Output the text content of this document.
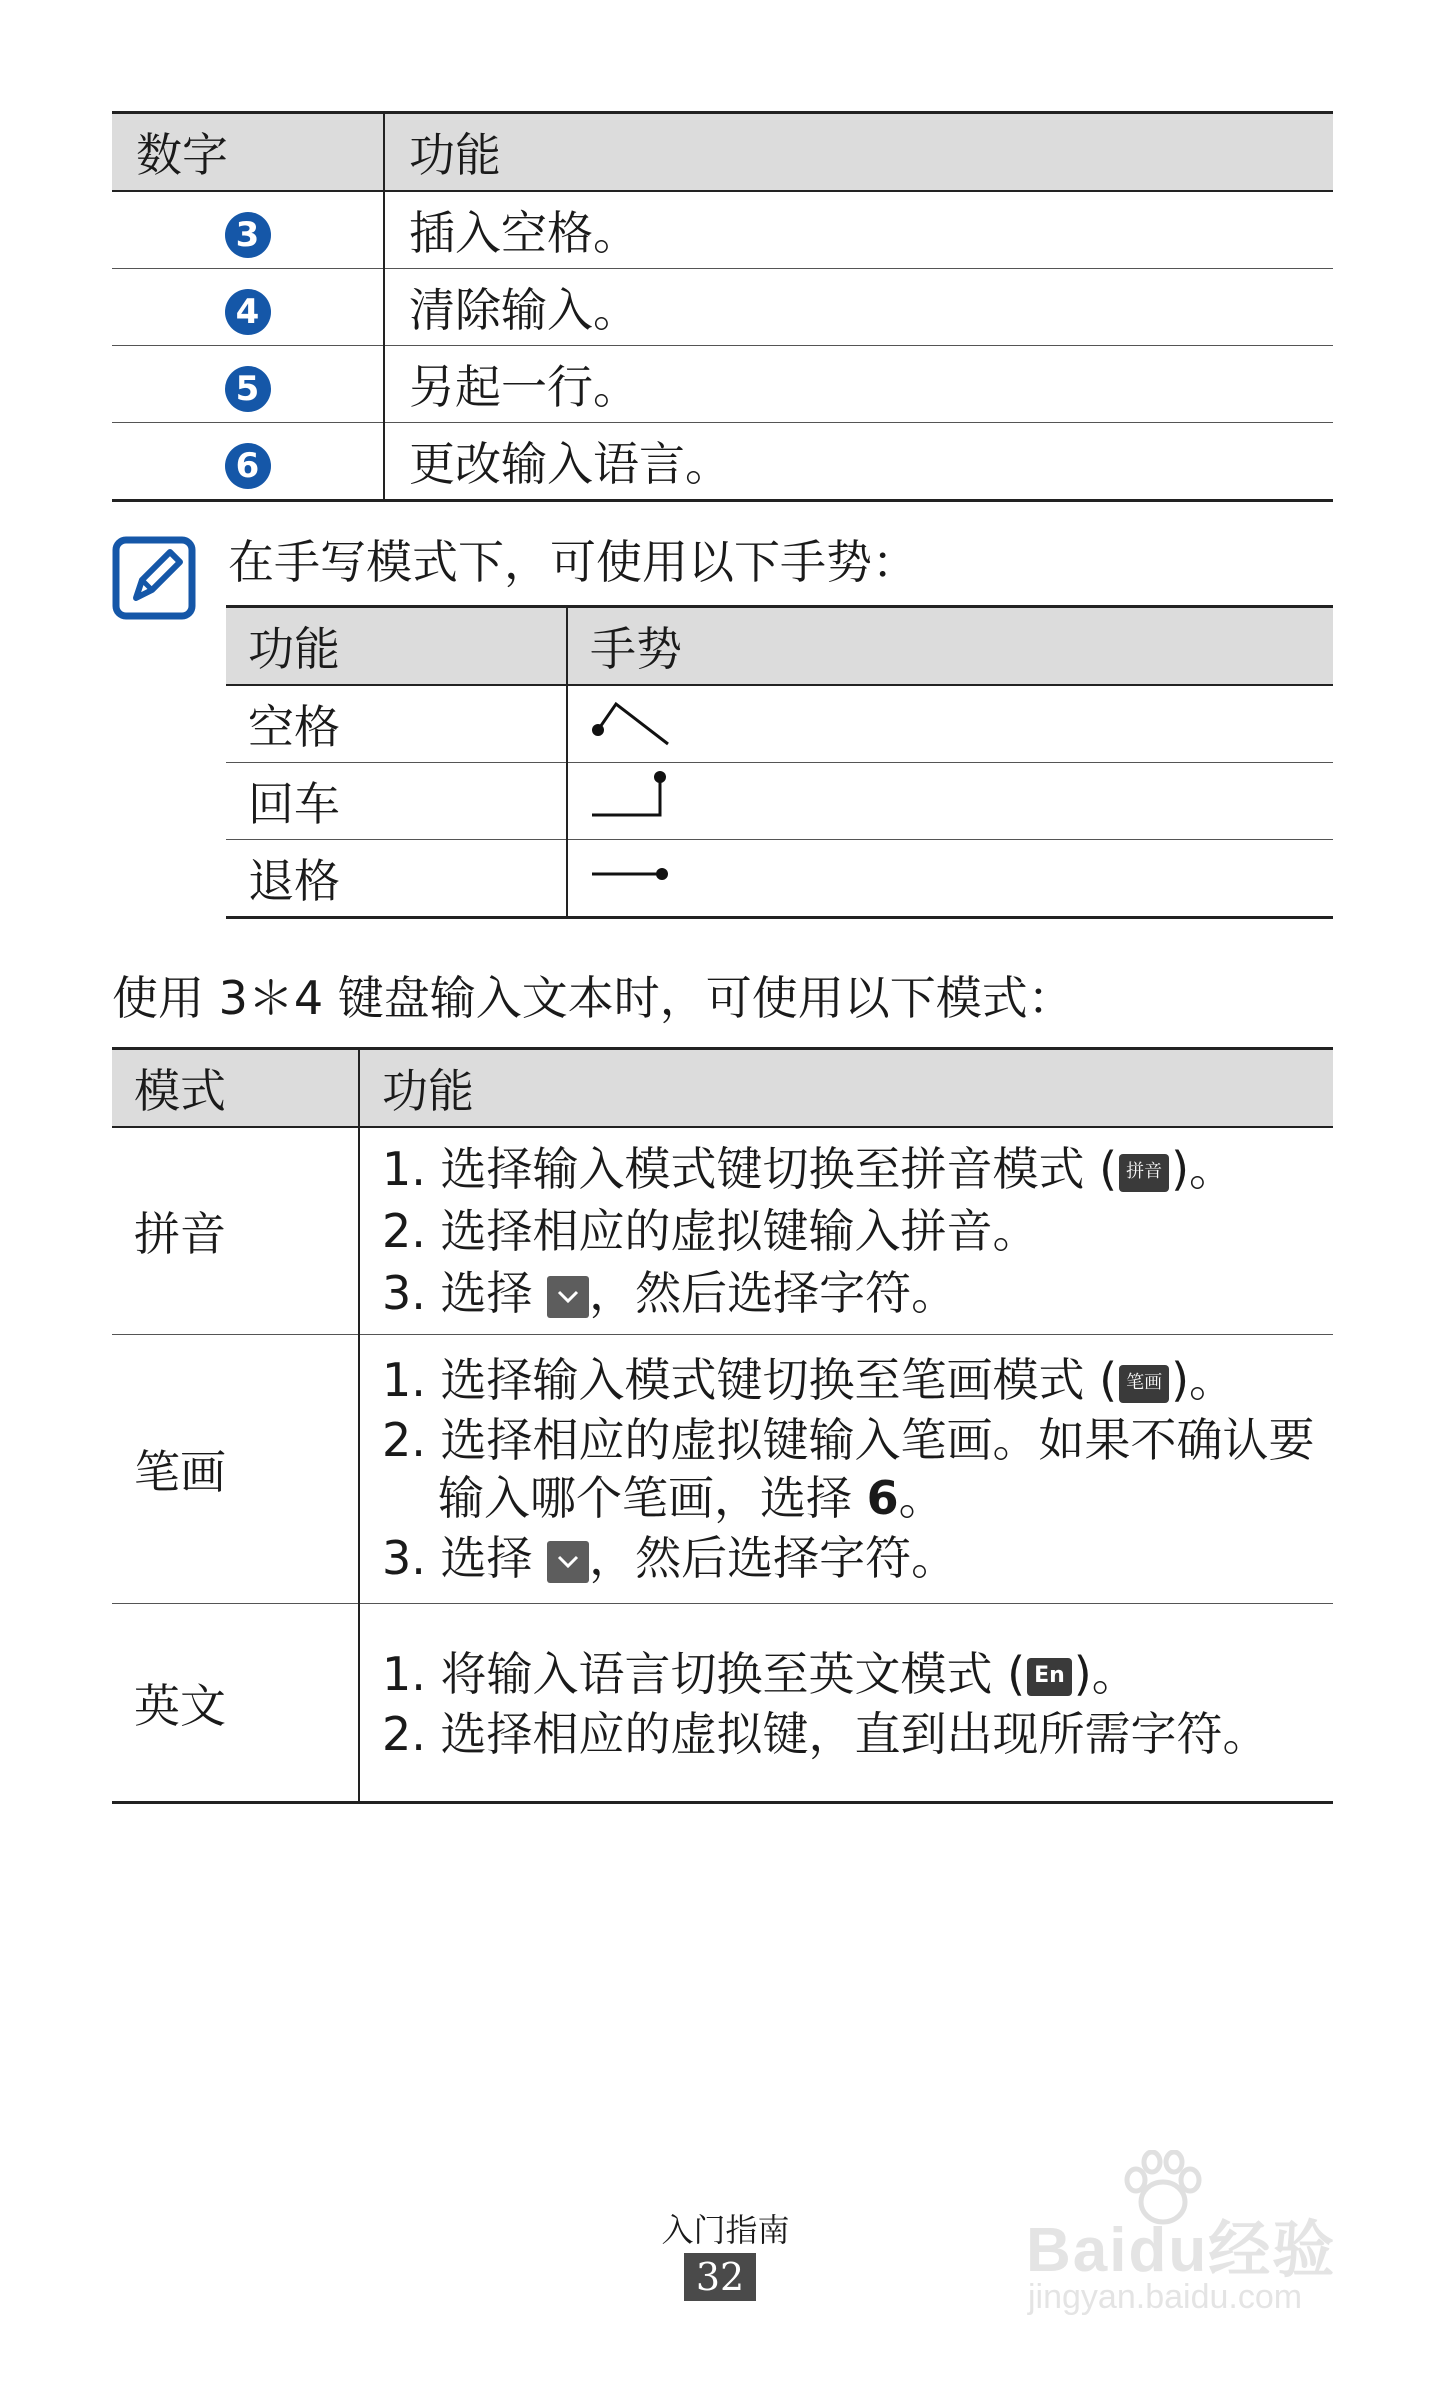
数字	功能
3	插入空格。
4	清除输入。
5	另起一行。
6	更改输入语言。
在手写模式下，可使用以下手势：
功能	手势
空格	
回车	
退格	
使用 3＊4 键盘输入文本时，可使用以下模式：
模式	功能
拼音	1. 选择输入模式键切换至拼音模式 ( 拼音 )。
2. 选择相应的虚拟键输入拼音。
3. 选择 ，然后选择字符。

笔画	1. 选择输入模式键切换至笔画模式 ( 笔画 )。
2. 选择相应的虚拟键输入笔画。如果不确认要输入哪个笔画，选择 6。
3. 选择 ，然后选择字符。

英文	1. 将输入语言切换至英文模式 ( En )。
2. 选择相应的虚拟键，直到出现所需字符。
入门指南
32	Baidu经验
jingyan.baidu.com
